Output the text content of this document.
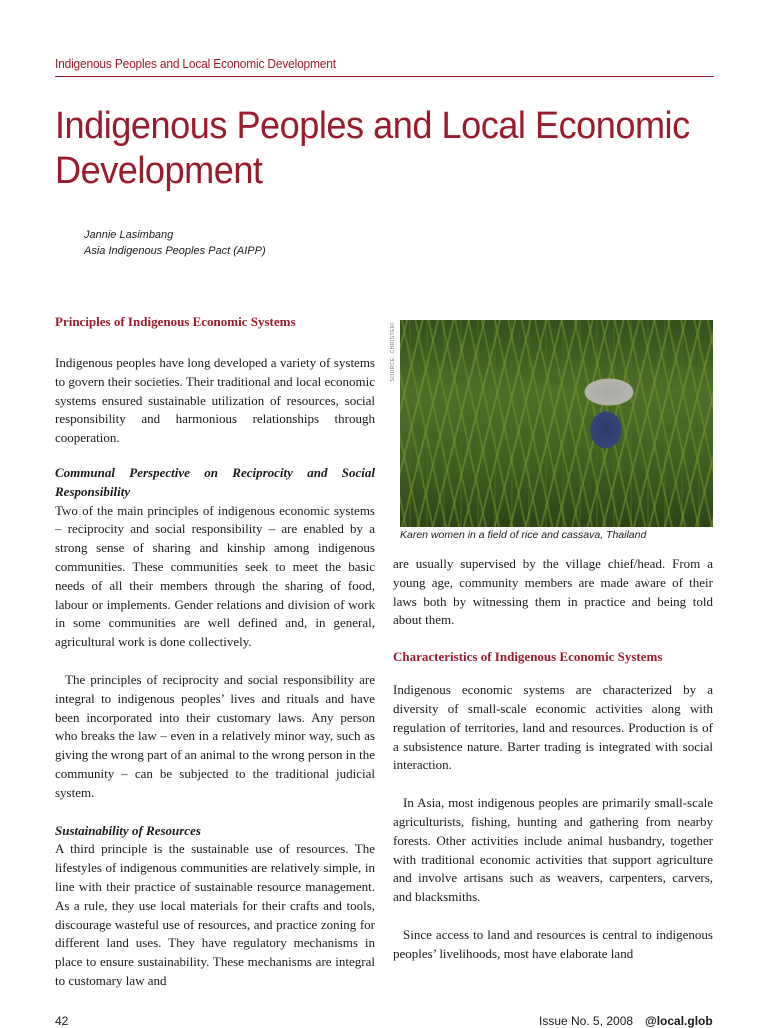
Indigenous Peoples and Local Economic Development
Indigenous Peoples and Local Economic
Development
Jannie Lasimbang
Asia Indigenous Peoples Pact (AIPP)
Principles of Indigenous Economic Systems

Indigenous peoples have long developed a variety of systems to govern their societies. Their traditional and local economic systems ensured sustainable utilization of resources, social responsibility and harmonious relationships through cooperation.

Communal Perspective on Reciprocity and Social Responsibility

Two of the main principles of indigenous economic systems – reciprocity and social responsibility – are enabled by a strong sense of sharing and kinship among indigenous communities. These communities seek to meet the basic needs of all their members through the sharing of food, labour or implements. Gender relations and division of work in some communities are well defined and, in general, agricultural work is done collectively.

The principles of reciprocity and social responsibility are integral to indigenous peoples’ lives and rituals and have been incorporated into their customary laws. Any person who breaks the law – even in a relatively minor way, such as giving the wrong part of an animal to the wrong person in the community – can be subjected to the traditional judicial system.

Sustainability of Resources

A third principle is the sustainable use of resources. The lifestyles of indigenous communities are relatively simple, in line with their practice of sustainable resource management. As a rule, they use local materials for their crafts and tools, discourage wasteful use of resources, and practice zoning for different land uses. They have regulatory mechanisms in place to ensure sustainability. These mechanisms are integral to customary law and

SOURCE: CHRISTERI
Karen women in a field of rice and cassava, Thailand

are usually supervised by the village chief/head. From a young age, community members are made aware of their laws both by witnessing them in practice and being told about them.

Characteristics of Indigenous Economic Systems

Indigenous economic systems are characterized by a diversity of small-scale economic activities along with regulation of territories, land and resources. Production is of a subsistence nature. Barter trading is integrated with social interaction.

In Asia, most indigenous peoples are primarily small-scale agriculturists, fishing, hunting and gathering from nearby forests. Other activities include animal husbandry, together with traditional economic activities that support agriculture and involve artisans such as weavers, carpenters, carvers, and blacksmiths.

Since access to land and resources is central to indigenous peoples’ livelihoods, most have elaborate land

42	Issue No. 5, 2008 @local.glob
